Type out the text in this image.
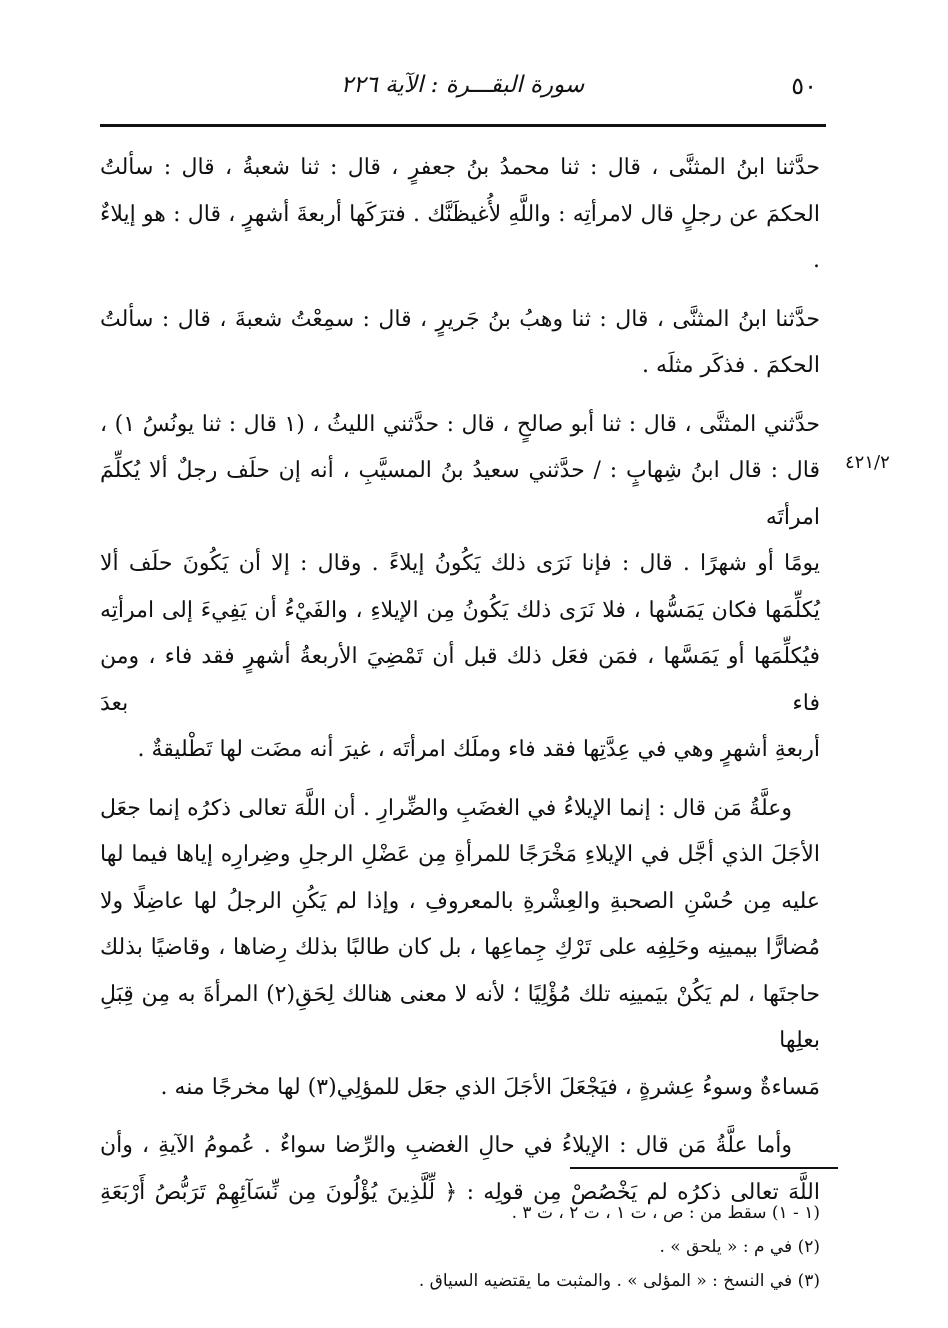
٥٠
سورة البقـــرة : الآية ٢٢٦
٤٢١/٢

حدَّثنا ابنُ المثنَّى ، قال : ثنا محمدُ بنُ جعفرٍ ، قال : ثنا شعبةُ ، قال : سألتُ
الحكمَ عن رجلٍ قال لامرأتِه : واللَّهِ لأُغيظَنَّك . فترَكَها أربعةَ أشهرٍ ، قال : هو إيلاءٌ .

حدَّثنا ابنُ المثنَّى ، قال : ثنا وهبُ بنُ جَريرٍ ، قال : سمِعْتُ شعبةَ ، قال : سألتُ
الحكمَ . فذكَر مثلَه .

حدَّثني المثنَّى ، قال : ثنا أبو صالحٍ ، قال : حدَّثني الليثُ ، (١ قال : ثنا يونُسُ ١) ،
قال : قال ابنُ شِهابٍ : / حدَّثني سعيدُ بنُ المسيَّبِ ، أنه إن حلَف رجلٌ ألا يُكلِّمَ امرأتَه
يومًا أو شهرًا . قال : فإنا نَرَى ذلك يَكُونُ إيلاءً . وقال : إلا أن يَكُونَ حلَف ألا
يُكلِّمَها فكان يَمَسُّها ، فلا نَرَى ذلك يَكُونُ مِن الإيلاءِ ، والفَيْءُ أن يَفِيءَ إلى امرأتِه
فيُكلِّمَها أو يَمَسَّها ، فمَن فعَل ذلك قبل أن تَمْضِيَ الأربعةُ أشهرٍ فقد فاء ، ومن فاء بعدَ
أربعةِ أشهرٍ وهي في عِدَّتِها فقد فاء وملَك امرأتَه ، غيرَ أنه مضَت لها تَطْليقةٌ .

وعلَّةُ مَن قال : إنما الإيلاءُ في الغضَبِ والضِّرارِ . أن اللَّهَ تعالى ذكرُه إنما جعَل
الأجَلَ الذي أجَّل في الإيلاءِ مَخْرَجًا للمرأةِ مِن عَضْلِ الرجلِ وضِرارِه إياها فيما لها
عليه مِن حُسْنِ الصحبةِ والعِشْرةِ بالمعروفِ ، وإذا لم يَكُنِ الرجلُ لها عاضِلًا ولا
مُضارًّا بيمينِه وحَلِفِه على تَرْكِ جِماعِها ، بل كان طالبًا بذلك رِضاها ، وقاضيًا بذلك
حاجتَها ، لم يَكُنْ بيَمينِه تلك مُؤْلِيًا ؛ لأنه لا معنى هنالك لِحَقِ(٢) المرأةَ به مِن قِبَلِ بعلِها
مَساءةٌ وسوءُ عِشرةٍ ، فيَجْعَلَ الأجَلَ الذي جعَل للمؤلِي(٣) لها مخرجًا منه .

وأما علَّةُ مَن قال : الإيلاءُ في حالِ الغضبِ والرِّضا سواءٌ . عُمومُ الآيةِ ، وأن
اللَّهَ تعالى ذكرُه لم يَخْصُصْ مِن قولِه : ﴿ لِّلَّذِينَ يُؤْلُونَ مِن نِّسَآئِهِمْ تَرَبُّصُ أَرْبَعَةِ

(١ - ١) سقط من : ص ، ت ١ ، ت ٢ ، ت ٣ .
(٢) في م : « يلحق » .
(٣) في النسخ : « المؤلى » . والمثبت ما يقتضيه السياق .
